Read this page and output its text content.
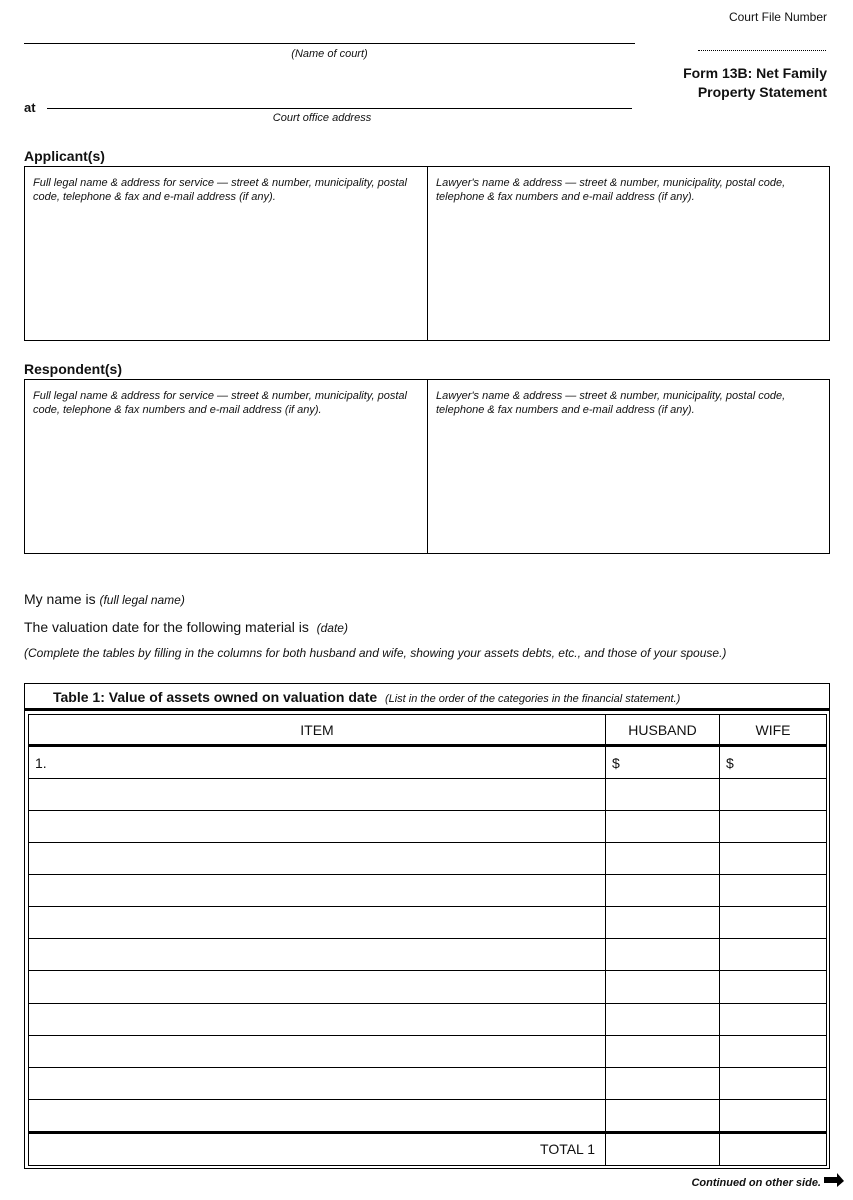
Court File Number
(Name of court)
at
Court office address
Form 13B: Net Family
Property Statement
Applicant(s)
Full legal name & address for service — street & number, municipality, postal code, telephone & fax and e-mail address (if any).
Lawyer's name & address — street & number, municipality, postal code, telephone & fax numbers and e-mail address (if any).
Respondent(s)
Full legal name & address for service — street & number, municipality, postal code, telephone & fax numbers and e-mail address (if any).
Lawyer's name & address — street & number, municipality, postal code, telephone & fax numbers and e-mail address (if any).
My name is (full legal name)
The valuation date for the following material is (date)
(Complete the tables by filling in the columns for both husband and wife, showing your assets debts, etc., and those of your spouse.)
Table 1: Value of assets owned on valuation date (List in the order of the categories in the financial statement.)
ITEM	HUSBAND	WIFE
1.	$	$

TOTAL 1		
Continued on other side.
